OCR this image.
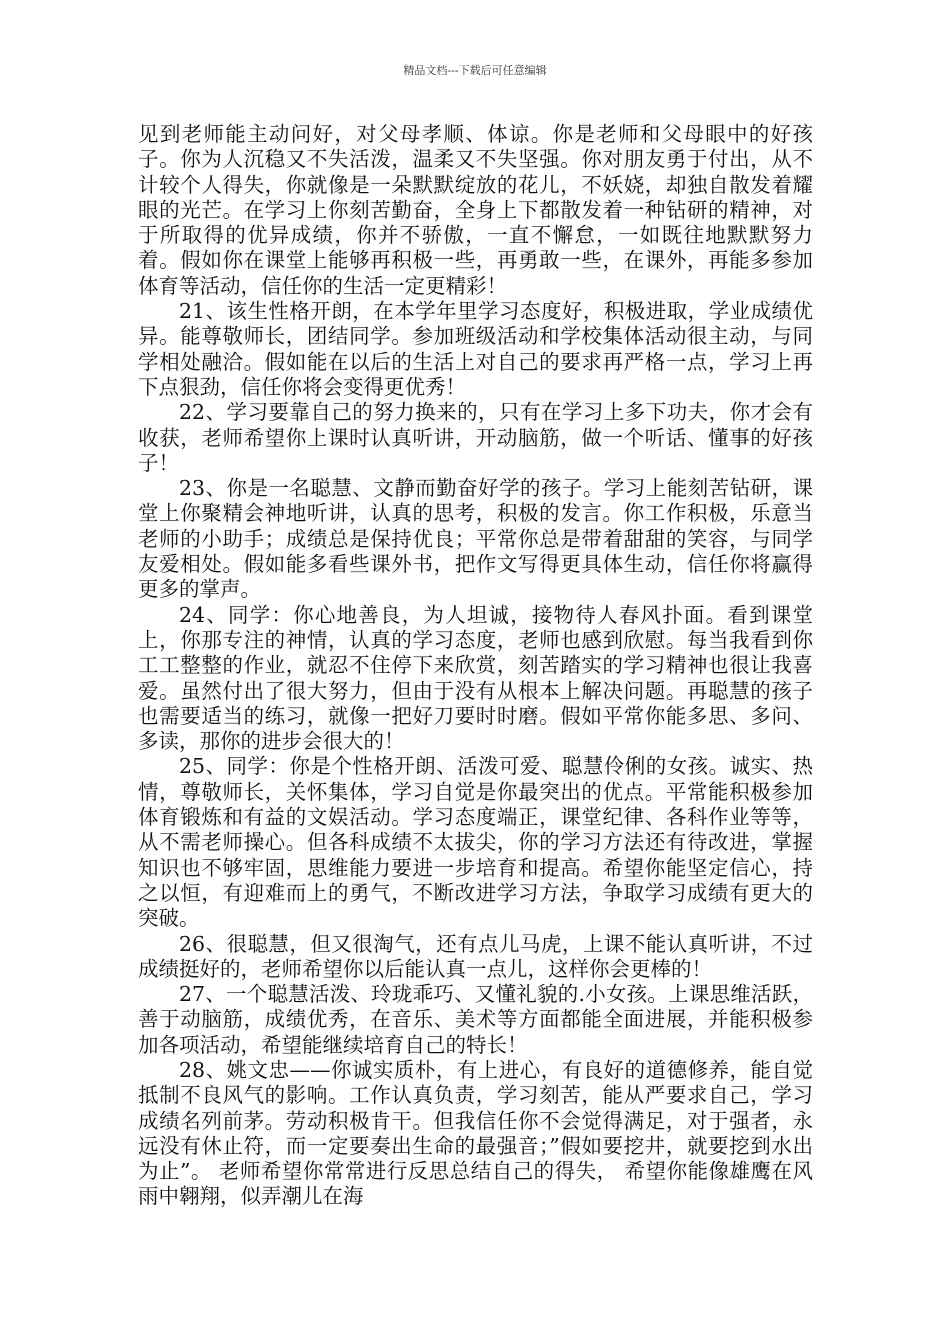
精品文档---下载后可任意编辑

见到老师能主动问好，对父母孝顺、体谅。你是老师和父母眼中的好孩子。你为人沉稳又不失活泼，温柔又不失坚强。你对朋友勇于付出，从不计较个人得失，你就像是一朵默默绽放的花儿，不妖娆，却独自散发着耀眼的光芒。在学习上你刻苦勤奋，全身上下都散发着一种钻研的精神，对于所取得的优异成绩，你并不骄傲，一直不懈怠，一如既往地默默努力着。假如你在课堂上能够再积极一些，再勇敢一些，在课外，再能多参加体育等活动，信任你的生活一定更精彩！

21、该生性格开朗，在本学年里学习态度好，积极进取，学业成绩优异。能尊敬师长，团结同学。参加班级活动和学校集体活动很主动，与同学相处融洽。假如能在以后的生活上对自己的要求再严格一点，学习上再下点狠劲，信任你将会变得更优秀！

22、学习要靠自己的努力换来的，只有在学习上多下功夫，你才会有收获，老师希望你上课时认真听讲，开动脑筋，做一个听话、懂事的好孩子！

23、你是一名聪慧、文静而勤奋好学的孩子。学习上能刻苦钻研，课堂上你聚精会神地听讲，认真的思考，积极的发言。你工作积极，乐意当老师的小助手；成绩总是保持优良；平常你总是带着甜甜的笑容，与同学友爱相处。假如能多看些课外书，把作文写得更具体生动，信任你将赢得更多的掌声。

24、同学：你心地善良，为人坦诚，接物待人春风扑面。看到课堂上，你那专注的神情，认真的学习态度，老师也感到欣慰。每当我看到你工工整整的作业，就忍不住停下来欣赏，刻苦踏实的学习精神也很让我喜爱。虽然付出了很大努力，但由于没有从根本上解决问题。再聪慧的孩子也需要适当的练习，就像一把好刀要时时磨。假如平常你能多思、多问、多读，那你的进步会很大的！

25、同学：你是个性格开朗、活泼可爱、聪慧伶俐的女孩。诚实、热情，尊敬师长，关怀集体，学习自觉是你最突出的优点。平常能积极参加体育锻炼和有益的文娱活动。学习态度端正，课堂纪律、各科作业等等，从不需老师操心。但各科成绩不太拔尖，你的学习方法还有待改进，掌握知识也不够牢固，思维能力要进一步培育和提高。希望你能坚定信心，持之以恒，有迎难而上的勇气，不断改进学习方法，争取学习成绩有更大的突破。

26、很聪慧，但又很淘气，还有点儿马虎，上课不能认真听讲，不过成绩挺好的，老师希望你以后能认真一点儿，这样你会更棒的！

27、一个聪慧活泼、玲珑乖巧、又懂礼貌的.小女孩。上课思维活跃，善于动脑筋，成绩优秀，在音乐、美术等方面都能全面进展，并能积极参加各项活动，希望能继续培育自己的特长！

28、姚文忠——你诚实质朴，有上进心，有良好的道德修养，能自觉抵制不良风气的影响。工作认真负责，学习刻苦，能从严要求自己，学习成绩名列前茅。劳动积极肯干。但我信任你不会觉得满足，对于强者，永远没有休止符，而一定要奏出生命的最强音；”假如要挖井，就要挖到水出为止”。 老师希望你常常进行反思总结自己的得失， 希望你能像雄鹰在风雨中翱翔，似弄潮儿在海
